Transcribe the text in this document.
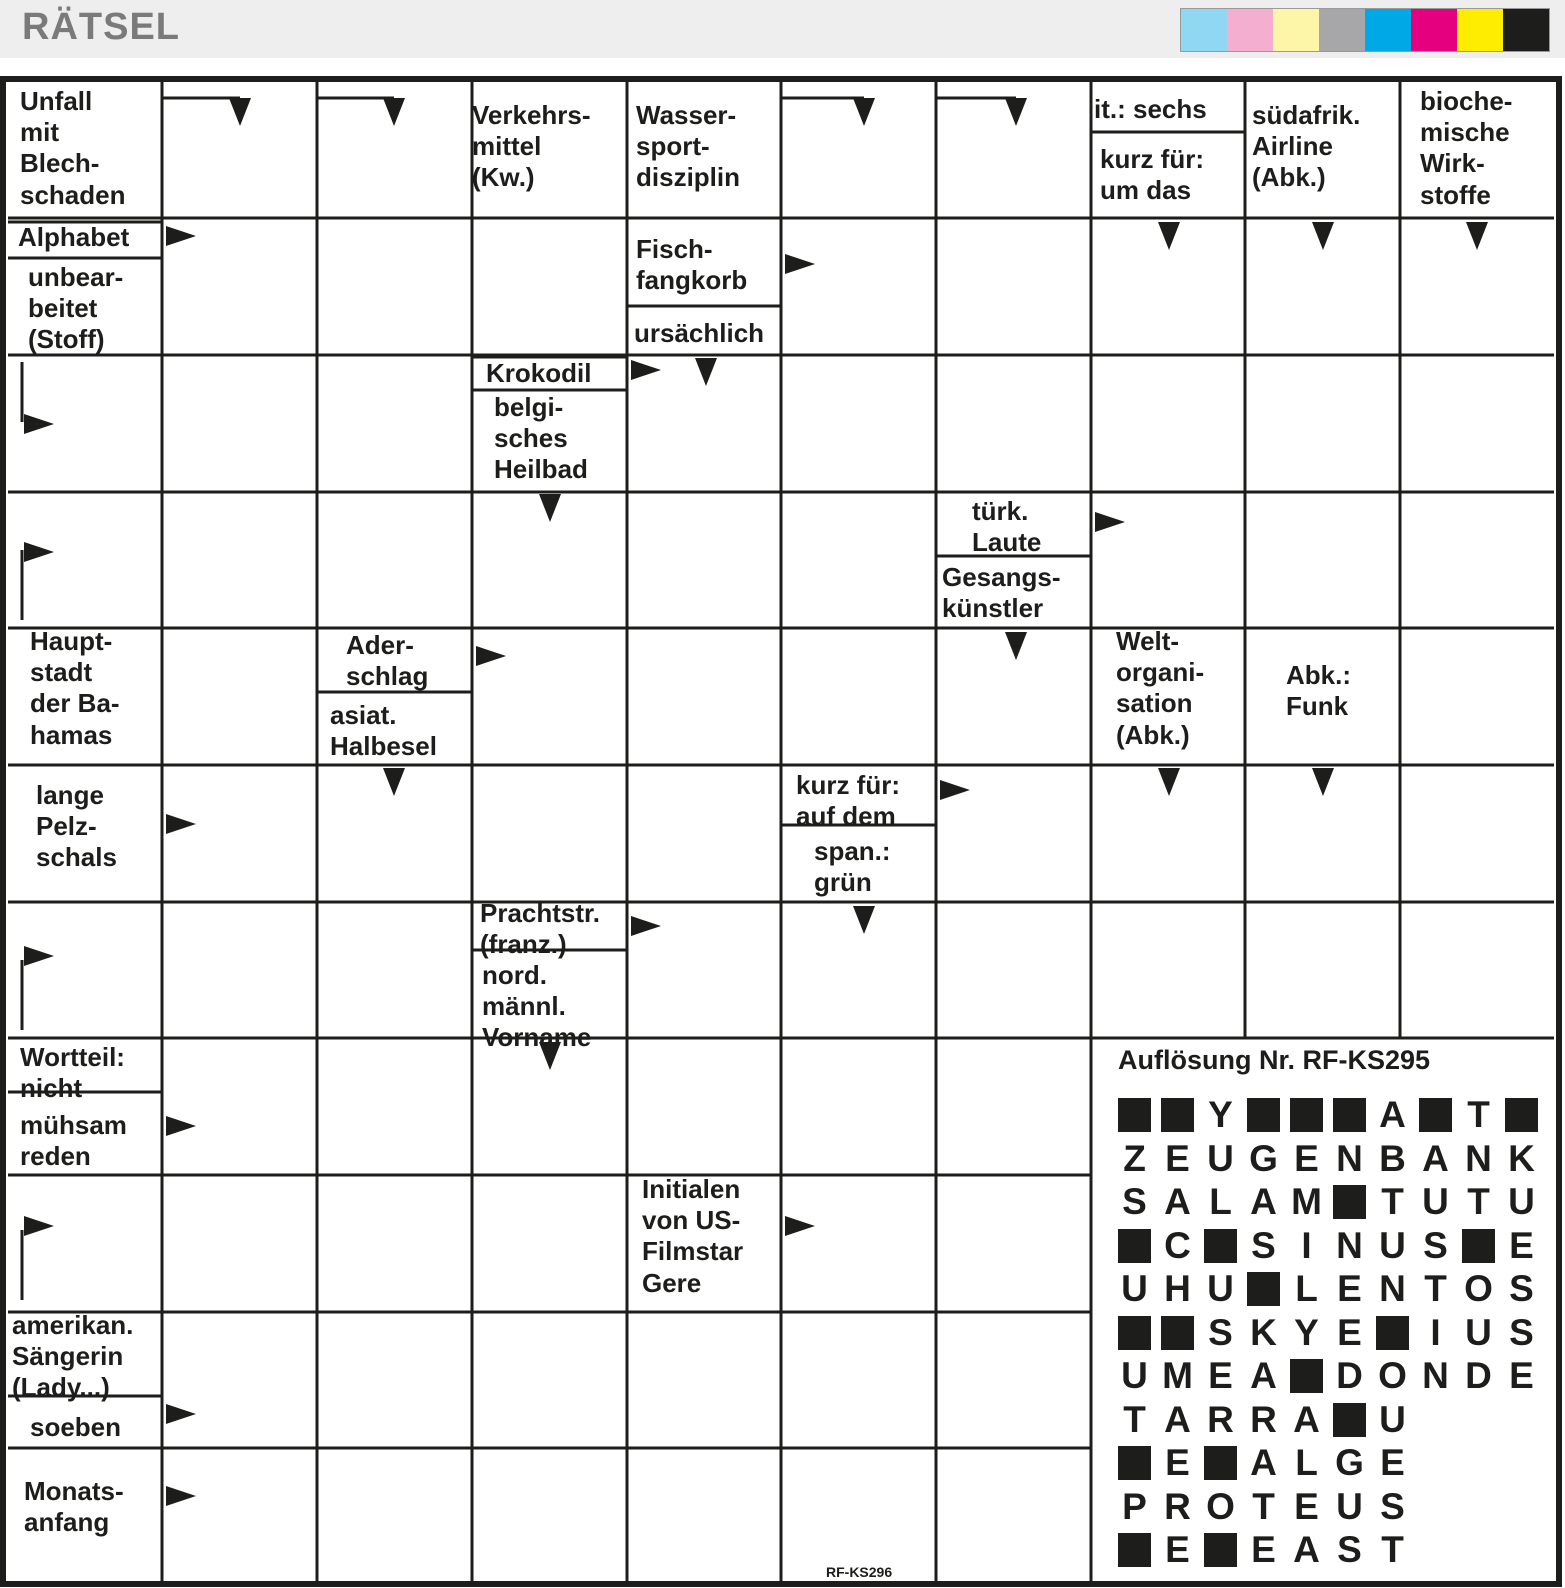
RÄTSEL
Unfall
mit
Blech-
schaden
Verkehrs-
mittel
(Kw.)
Wasser-
sport-
disziplin
it.: sechs
kurz für:
um das
südafrik.
Airline
(Abk.)
bioche-
mische
Wirk-
stoffe
Alphabet
unbear-
beitet
(Stoff)
Fisch-
fangkorb
ursächlich
Krokodil
belgi-
sches
Heilbad
türk.
Laute
Gesangs-
künstler
Haupt-
stadt
der Ba-
hamas
Ader-
schlag
asiat.
Halbesel
Welt-
organi-
sation
(Abk.)
Abk.:
Funk
lange
Pelz-
schals
kurz für:
auf dem
span.:
grün
Prachtstr.
(franz.)
nord.
männl.
Vorname
Wortteil:
nicht
mühsam
reden
Initialen
von US-
Filmstar
Gere
amerikan.
Sängerin
(Lady...)
soeben
Monats-
anfang
Auflösung Nr. RF-KS295
Y	A T
Z E U G E N B A N K
S A L A M T U T U
C S I N U S E
U H U L E N T O S
S K Y E	I U S
U M E A D O N D E
T A R R A U
E A L G E
P R O T E U S
E E A S T
RF-KS296
